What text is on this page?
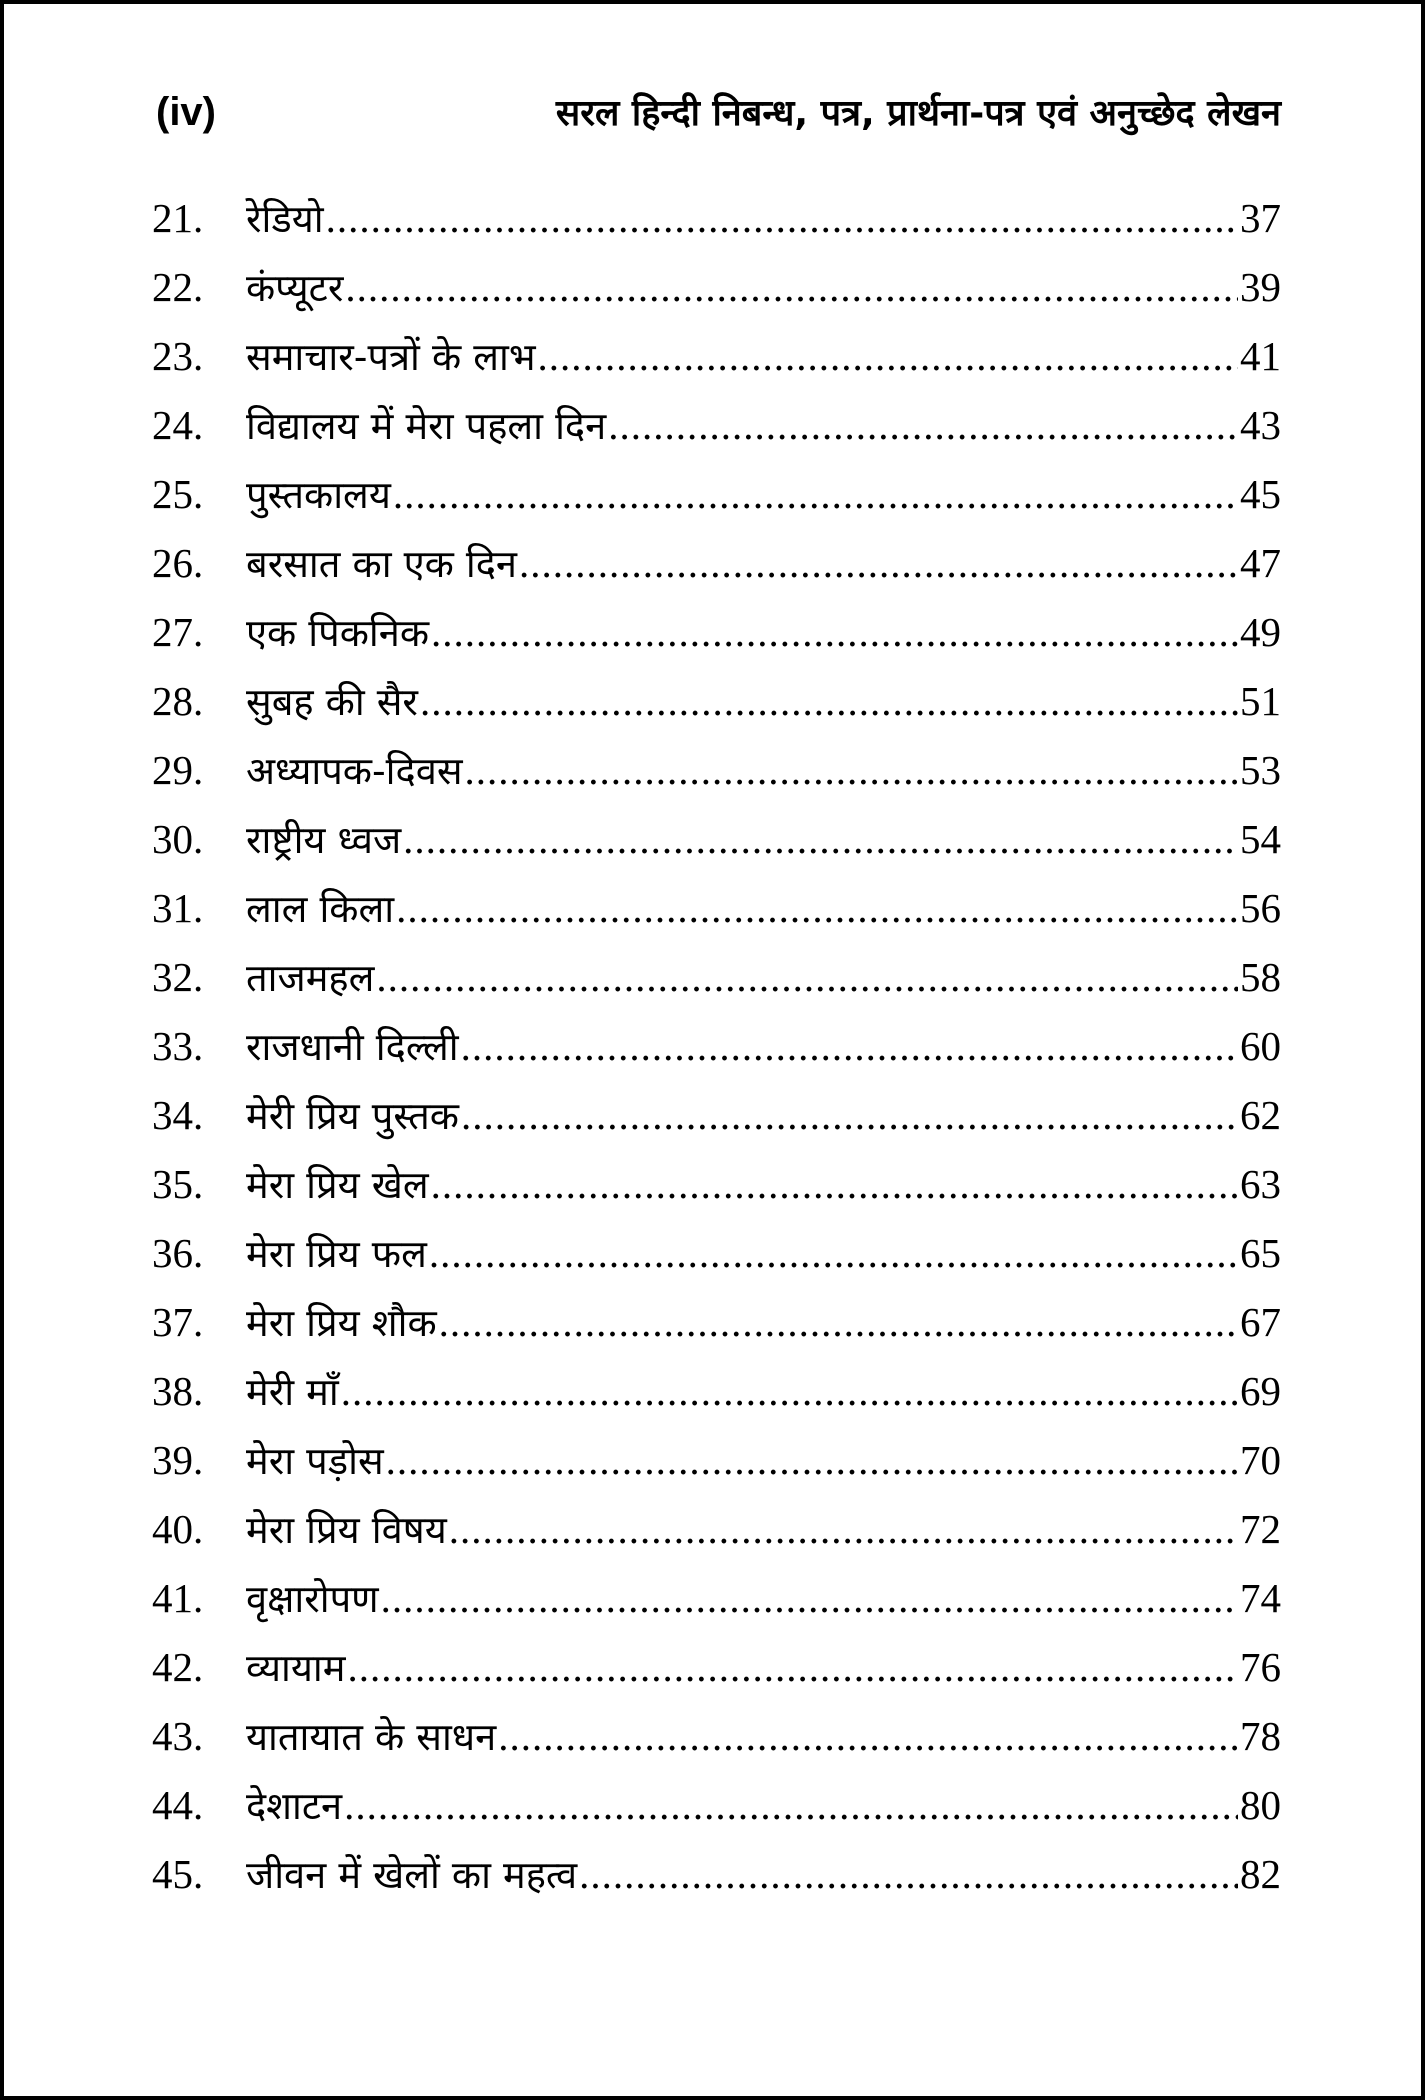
(iv)	सरल हिन्दी निबन्ध, पत्र, प्रार्थना-पत्र एवं अनुच्छेद लेखन
21.	रेडियो .....	37
22.	कंप्यूटर .....	39
23.	समाचार-पत्रों के लाभ .....	41
24.	विद्यालय में मेरा पहला दिन .....	43
25.	पुस्तकालय .....	45
26.	बरसात का एक दिन .....	47
27.	एक पिकनिक .....	49
28.	सुबह की सैर .....	51
29.	अध्यापक-दिवस .....	53
30.	राष्ट्रीय ध्वज .....	54
31.	लाल किला .....	56
32.	ताजमहल .....	58
33.	राजधानी दिल्ली .....	60
34.	मेरी प्रिय पुस्तक .....	62
35.	मेरा प्रिय खेल .....	63
36.	मेरा प्रिय फल .....	65
37.	मेरा प्रिय शौक .....	67
38.	मेरी माँ .....	69
39.	मेरा पड़ोस .....	70
40.	मेरा प्रिय विषय .....	72
41.	वृक्षारोपण .....	74
42.	व्यायाम .....	76
43.	यातायात के साधन .....	78
44.	देशाटन .....	80
45.	जीवन में खेलों का महत्व .....	82
